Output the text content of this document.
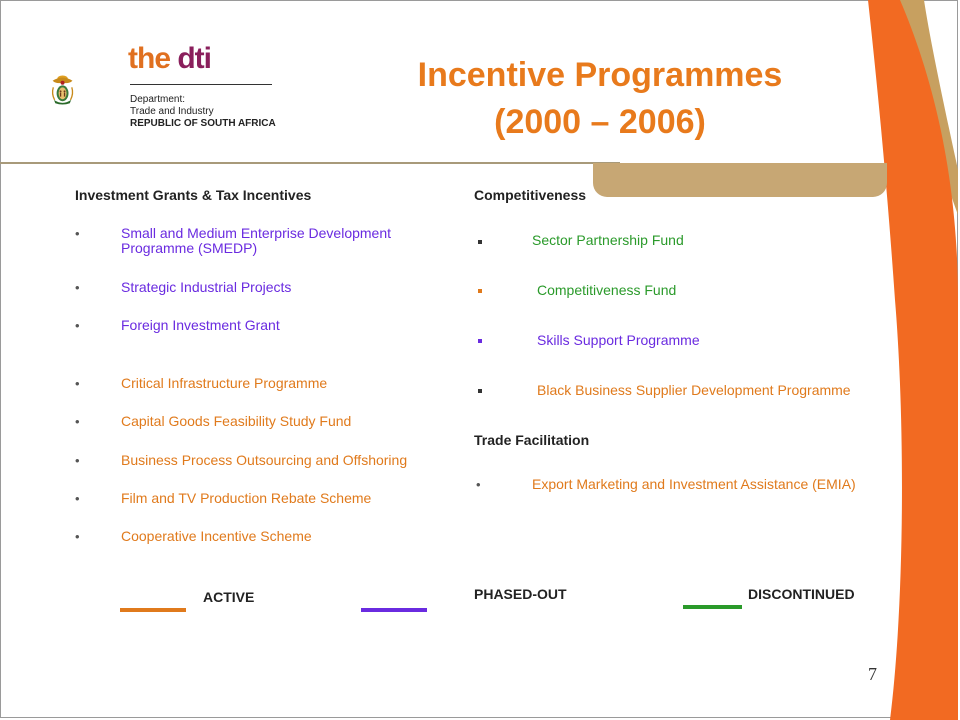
the dti
Department:
Trade and Industry
REPUBLIC OF SOUTH AFRICA
Incentive Programmes
(2000 – 2006)
Investment Grants & Tax Incentives
•	Small and Medium Enterprise Development
Programme (SMEDP)
•	Strategic Industrial Projects
•	Foreign Investment Grant
•	Critical Infrastructure Programme
•	Capital Goods Feasibility Study Fund
•	Business Process Outsourcing and Offshoring
•	Film and TV Production Rebate Scheme
•	Cooperative Incentive Scheme
Competitiveness
Sector Partnership Fund
Competitiveness Fund
Skills Support Programme
Black Business Supplier Development Programme
Trade Facilitation
•	Export Marketing and Investment Assistance (EMIA)
ACTIVE	PHASED-OUT	DISCONTINUED
7
